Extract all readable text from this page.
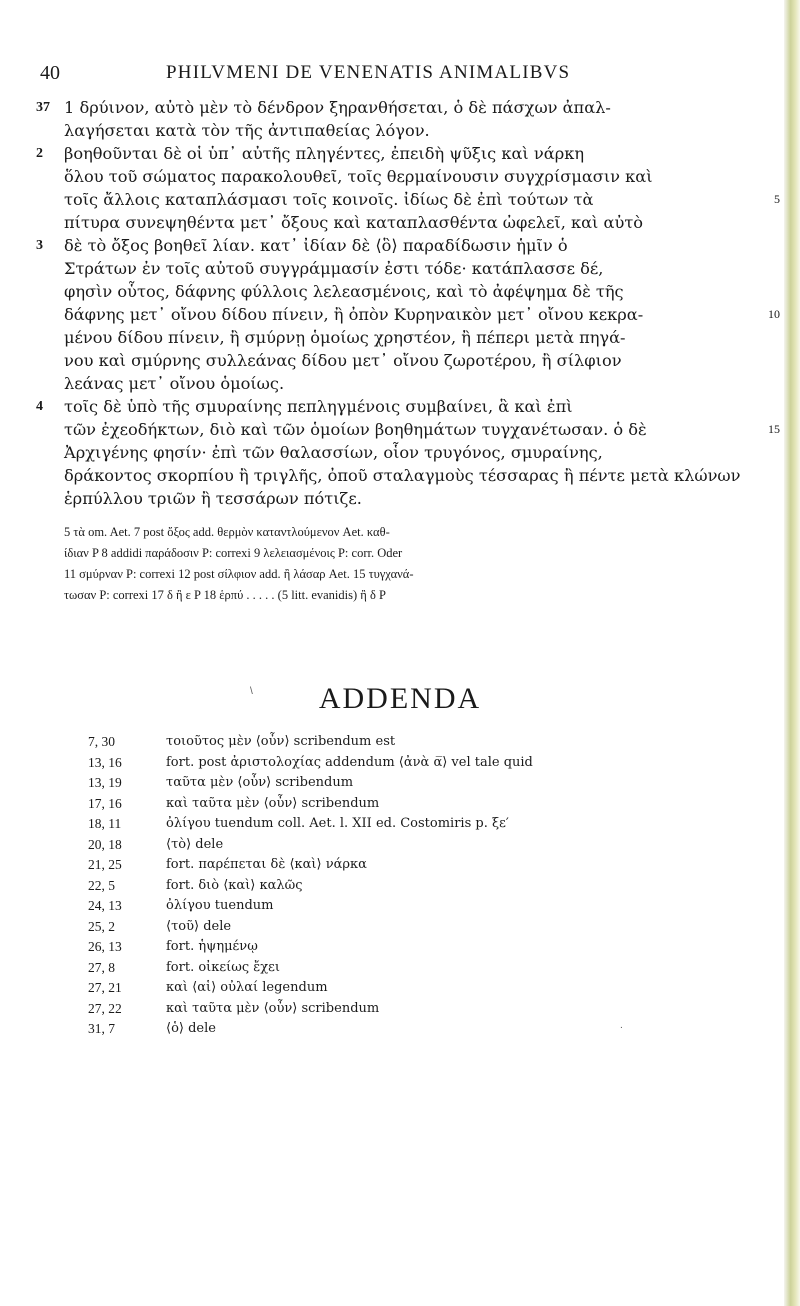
40	PHILVMENI DE VENENATIS ANIMALIBVS
37 1 δρύινον, αὐτὸ μὲν τὸ δένδρον ξηρανθήσεται, ὁ δὲ πάσχων ἀπαλ-
λαγήσεται κατὰ τὸν τῆς ἀντιπαθείας λόγον.
2	βοηθοῦνται δὲ οἱ ὑπ᾿ αὐτῆς πληγέντες, ἐπειδὴ ψῦξις καὶ νάρκη
ὅλου τοῦ σώματος παρακολουθεῖ, τοῖς θερμαίνουσιν συγχρίσμασιν καὶ
τοῖς ἄλλοις καταπλάσμασι τοῖς κοινοῖς. ἰδίως δὲ ἐπὶ τούτων τὰ	5
πίτυρα συνεψηθέντα μετ᾿ ὄξους καὶ καταπλασθέντα ὠφελεῖ, καὶ αὐτὸ
3	δὲ τὸ ὄξος βοηθεῖ λίαν. κατ᾿ ἰδίαν δὲ ⟨ὃ⟩ παραδίδωσιν ἡμῖν ὁ
Στράτων ἐν τοῖς αὐτοῦ συγγράμμασίν ἐστι τόδε· κατάπλασσε δέ,
φησὶν οὗτος, δάφνης φύλλοις λελεασμένοις, καὶ τὸ ἀφέψημα δὲ τῆς
δάφνης μετ᾿ οἴνου δίδου πίνειν, ἢ ὀπὸν Κυρηναικὸν μετ᾿ οἴνου κεκρα-	10
μένου δίδου πίνειν, ἢ σμύρνῃ ὁμοίως χρηστέον, ἢ πέπερι μετὰ πηγά-
νου καὶ σμύρνης συλλεάνας δίδου μετ᾿ οἴνου ζωροτέρου, ἢ σίλφιον
λεάνας μετ᾿ οἴνου ὁμοίως.
4	τοῖς δὲ ὑπὸ τῆς σμυραίνης πεπληγμένοις συμβαίνει, ἃ καὶ ἐπὶ
τῶν ἐχεοδήκτων, διὸ καὶ τῶν ὁμοίων βοηθημάτων τυγχανέτωσαν. ὁ δὲ	15
Ἀρχιγένης φησίν· ἐπὶ τῶν θαλασσίων, οἷον τρυγόνος, σμυραίνης,
δράκοντος σκορπίου ἢ τριγλῆς, ὀποῦ σταλαγμοὺς τέσσαρας ἢ πέντε μετὰ κλώνων
ἑρπύλλου τριῶν ἢ τεσσάρων πότιζε.
5 τὰ om. Aet. 7 post ὄξος add. θερμὸν καταντλούμενον Aet. καθ-
ίδιαν P 8 addidi παράδοσιν P: correxi 9 λελειασμένοις P: corr. Oder
11 σμύρναν P: correxi 12 post σίλφιον add. ἢ λάσαρ Aet. 15 τυγχανά-
τωσαν P: correxi 17 δ ἢ ε P 18 ἑρπύ . . . . . (5 litt. evanidis) ἢ δ P
ADDENDA
7, 30	τοιοῦτος μὲν ⟨οὖν⟩ scribendum est
13, 16	fort. post ἀριστολοχίας addendum ⟨ἀνὰ α̅⟩ vel tale quid
13, 19	ταῦτα μὲν ⟨οὖν⟩ scribendum
17, 16	καὶ ταῦτα μὲν ⟨οὖν⟩ scribendum
18, 11	ὀλίγου tuendum coll. Aet. l. XII ed. Costomiris p. ξε′
20, 18	⟨τὸ⟩ dele
21, 25	fort. παρέπεται δὲ ⟨καὶ⟩ νάρκα
22, 5	fort. διὸ ⟨καὶ⟩ καλῶς
24, 13	ὀλίγου tuendum
25, 2	⟨τοῦ⟩ dele
26, 13	fort. ἡψημένῳ
27, 8	fort. οἰκείως ἔχει
27, 21	καὶ ⟨αἱ⟩ οὐλαί legendum
27, 22	καὶ ταῦτα μὲν ⟨οὖν⟩ scribendum
31, 7	⟨ὁ⟩ dele
\
.
